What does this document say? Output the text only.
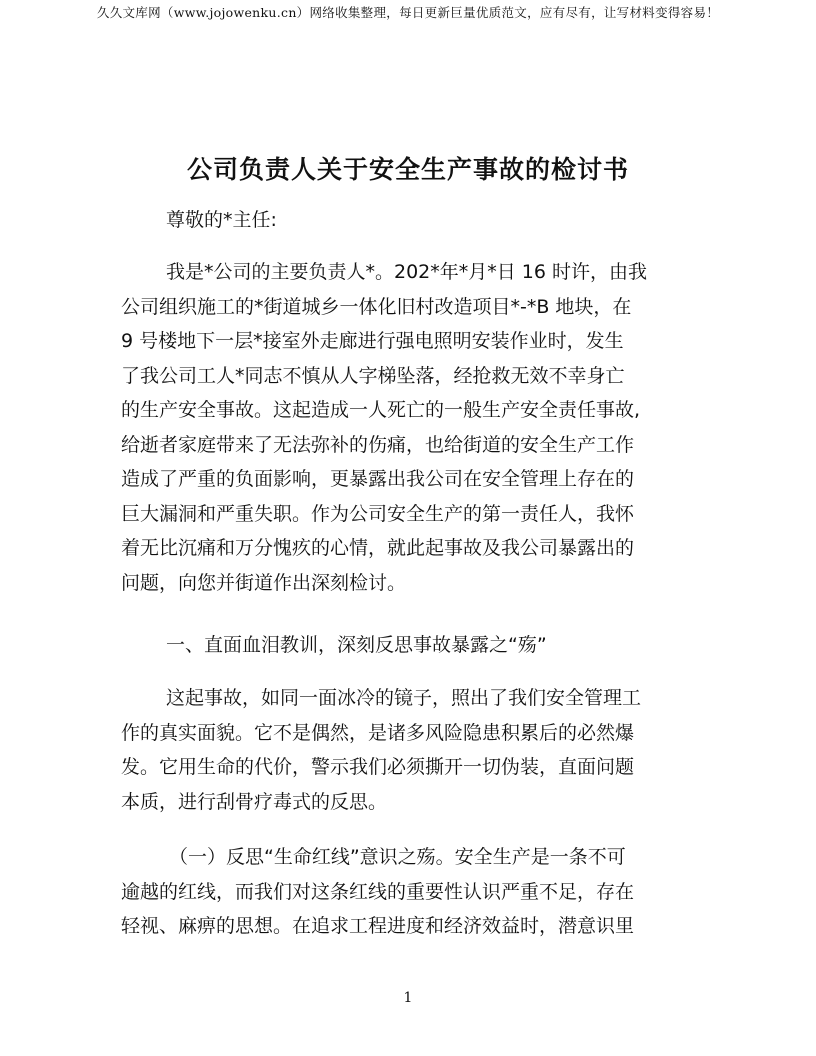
久久文库网（www.jojowenku.cn）网络收集整理，每日更新巨量优质范文，应有尽有，让写材料变得容易！
公司负责人关于安全生产事故的检讨书
尊敬的*主任:
我是*公司的主要负责人*。202*年*月*日 16 时许，由我
公司组织施工的*街道城乡一体化旧村改造项目*-*B 地块，在
9 号楼地下一层*接室外走廊进行强电照明安装作业时，发生
了我公司工人*同志不慎从人字梯坠落，经抢救无效不幸身亡
的生产安全事故。这起造成一人死亡的一般生产安全责任事故,
给逝者家庭带来了无法弥补的伤痛，也给街道的安全生产工作
造成了严重的负面影响，更暴露出我公司在安全管理上存在的
巨大漏洞和严重失职。作为公司安全生产的第一责任人，我怀
着无比沉痛和万分愧疚的心情，就此起事故及我公司暴露出的
问题，向您并街道作出深刻检讨。
一、直面血泪教训，深刻反思事故暴露之“殇”
这起事故，如同一面冰冷的镜子，照出了我们安全管理工
作的真实面貌。它不是偶然，是诸多风险隐患积累后的必然爆
发。它用生命的代价，警示我们必须撕开一切伪装，直面问题
本质，进行刮骨疗毒式的反思。
（一）反思“生命红线”意识之殇。安全生产是一条不可
逾越的红线，而我们对这条红线的重要性认识严重不足，存在
轻视、麻痹的思想。在追求工程进度和经济效益时，潜意识里
1
